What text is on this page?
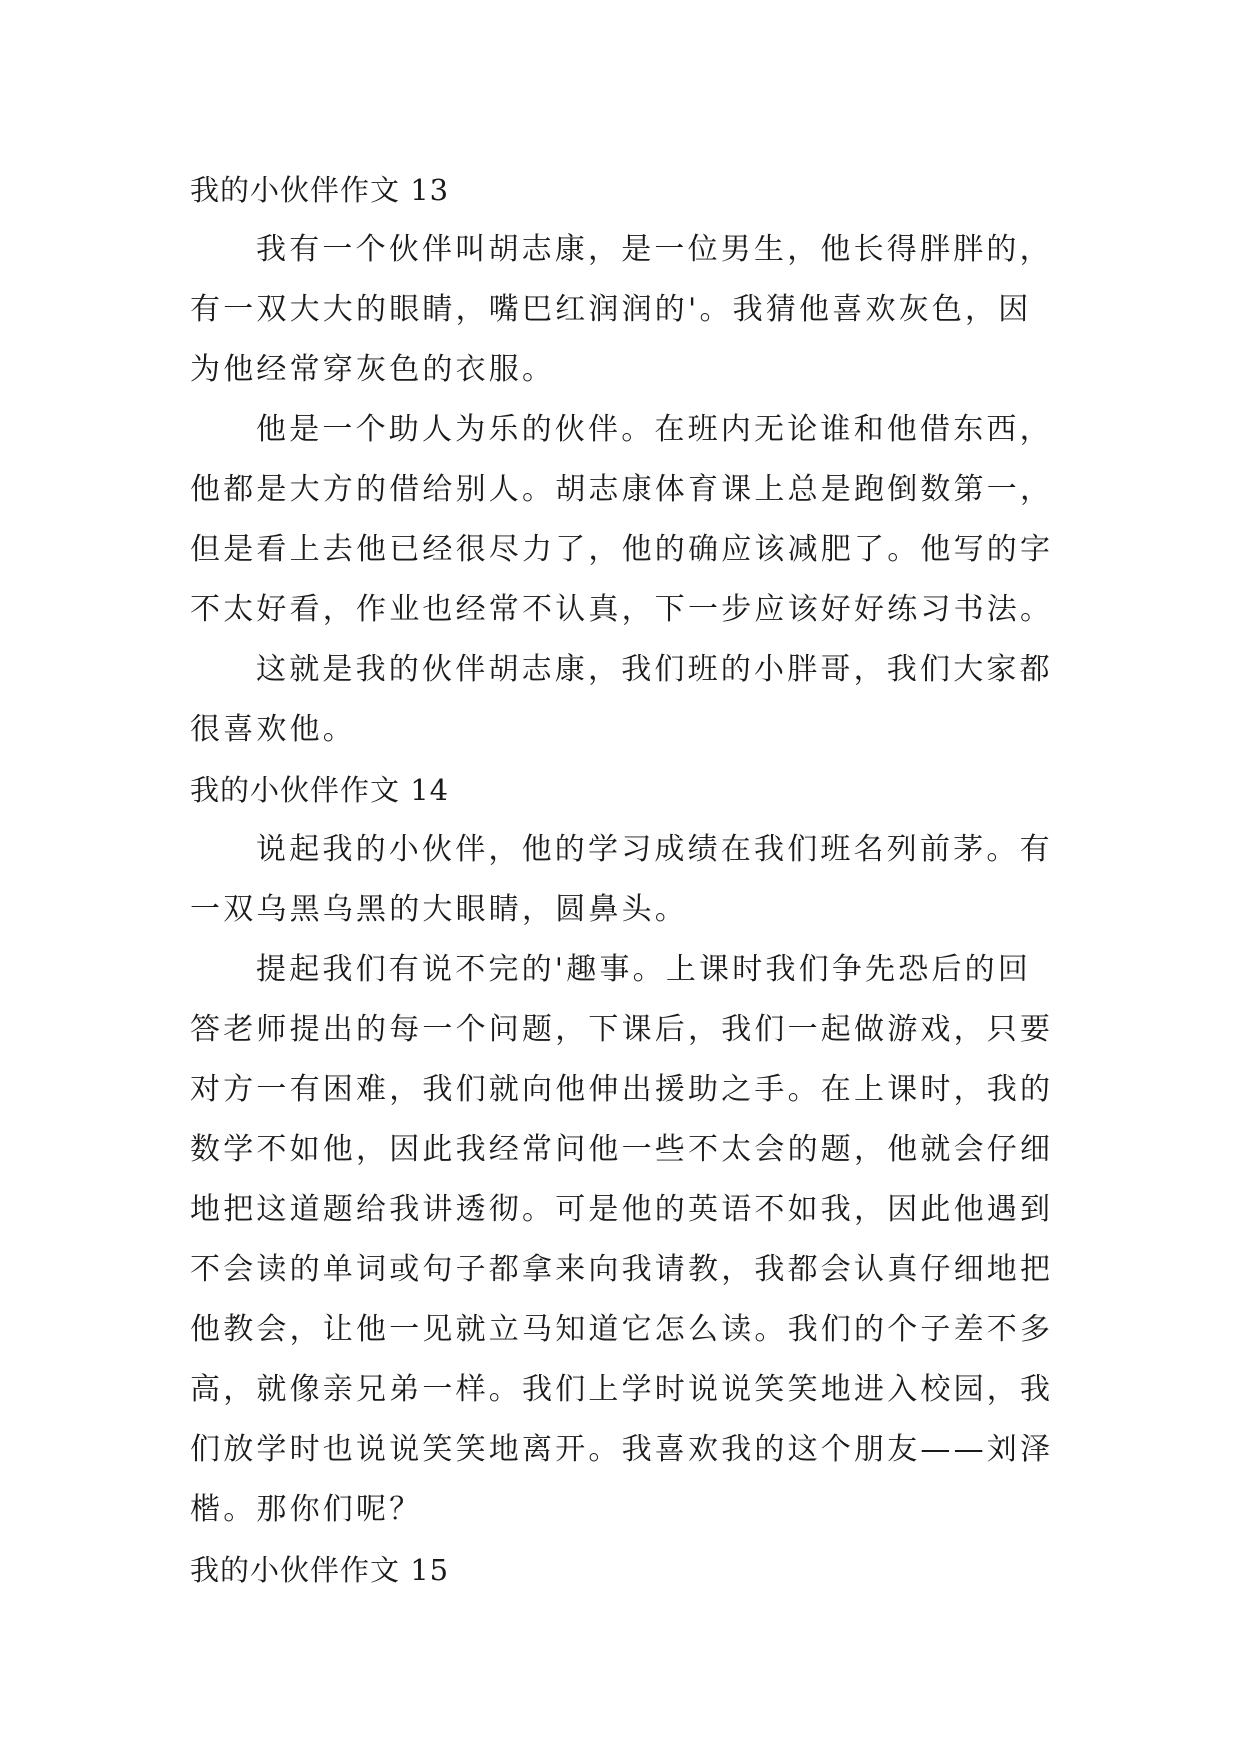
我的小伙伴作文 13

我有一个伙伴叫胡志康，是一位男生，他长得胖胖的，
有一双大大的眼睛，嘴巴红润润的'。我猜他喜欢灰色，因
为他经常穿灰色的衣服。

他是一个助人为乐的伙伴。在班内无论谁和他借东西，
他都是大方的借给别人。胡志康体育课上总是跑倒数第一，
但是看上去他已经很尽力了，他的确应该减肥了。他写的字
不太好看，作业也经常不认真，下一步应该好好练习书法。

这就是我的伙伴胡志康，我们班的小胖哥，我们大家都
很喜欢他。

我的小伙伴作文 14

说起我的小伙伴，他的学习成绩在我们班名列前茅。有
一双乌黑乌黑的大眼睛，圆鼻头。

提起我们有说不完的'趣事。上课时我们争先恐后的回
答老师提出的每一个问题，下课后，我们一起做游戏，只要
对方一有困难，我们就向他伸出援助之手。在上课时，我的
数学不如他，因此我经常问他一些不太会的题，他就会仔细
地把这道题给我讲透彻。可是他的英语不如我，因此他遇到
不会读的单词或句子都拿来向我请教，我都会认真仔细地把
他教会，让他一见就立马知道它怎么读。我们的个子差不多
高，就像亲兄弟一样。我们上学时说说笑笑地进入校园，我
们放学时也说说笑笑地离开。我喜欢我的这个朋友——刘泽
楷。那你们呢？

我的小伙伴作文 15
